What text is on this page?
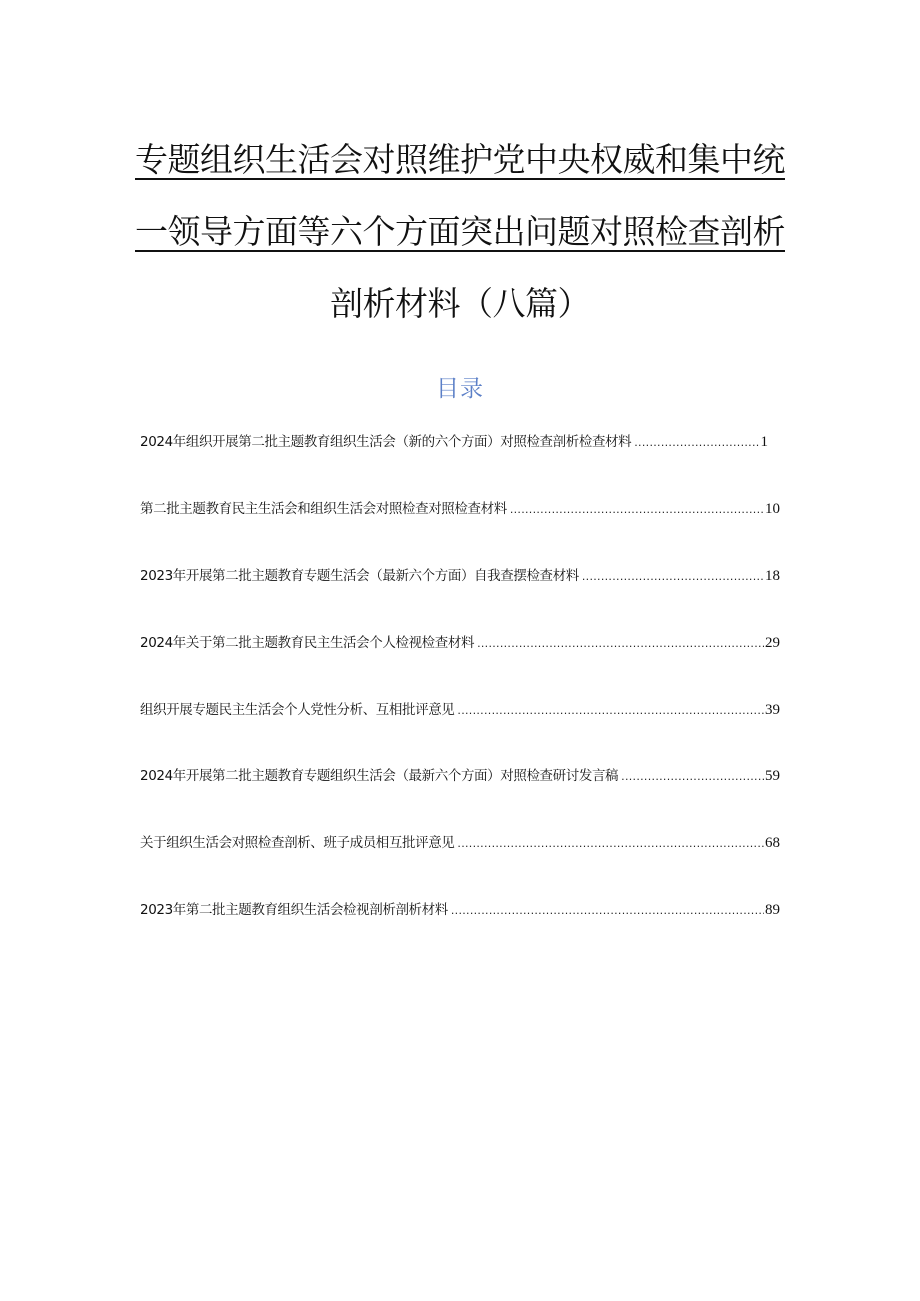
专题组织生活会对照维护党中央权威和集中统
一领导方面等六个方面突出问题对照检查剖析
剖析材料（八篇）
目录
2024年组织开展第二批主题教育组织生活会（新的六个方面）对照检查剖析检查材料 .....	1
第二批主题教育民主生活会和组织生活会对照检查对照检查材料 .....	10
2023年开展第二批主题教育专题生活会（最新六个方面）自我查摆检查材料 .....	18
2024年关于第二批主题教育民主生活会个人检视检查材料 .....	29
组织开展专题民主生活会个人党性分析、互相批评意见 .....	39
2024年开展第二批主题教育专题组织生活会（最新六个方面）对照检查研讨发言稿 .....	59
关于组织生活会对照检查剖析、班子成员相互批评意见 .....	68
2023年第二批主题教育组织生活会检视剖析剖析材料 .....	89
